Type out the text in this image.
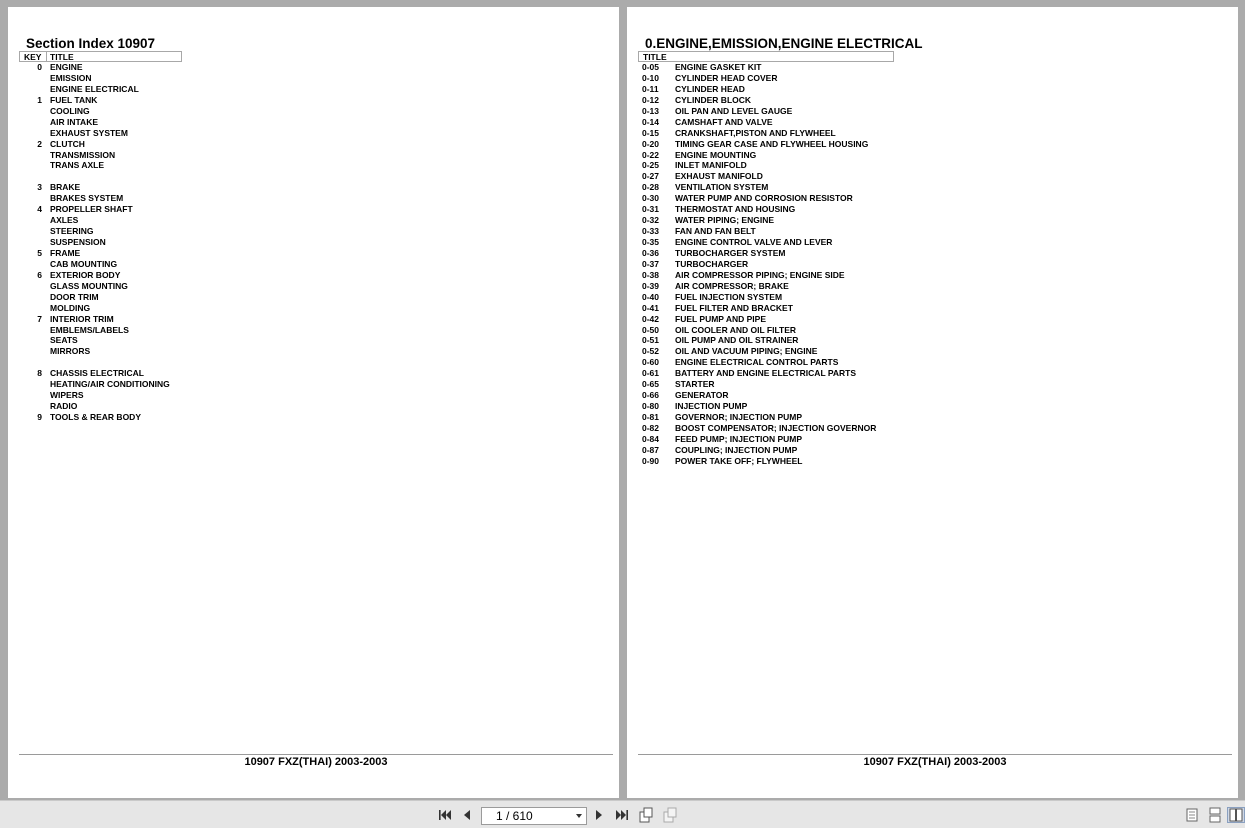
Section Index 10907
KEY TITLE
0 ENGINE
EMISSION
ENGINE ELECTRICAL
1 FUEL TANK
COOLING
AIR INTAKE
EXHAUST SYSTEM
2 CLUTCH
TRANSMISSION
TRANS AXLE
3 BRAKE
BRAKES SYSTEM
4 PROPELLER SHAFT
AXLES
STEERING
SUSPENSION
5 FRAME
CAB MOUNTING
6 EXTERIOR BODY
GLASS MOUNTING
DOOR TRIM
MOLDING
7 INTERIOR TRIM
EMBLEMS/LABELS
SEATS
MIRRORS
8 CHASSIS ELECTRICAL
HEATING/AIR CONDITIONING
WIPERS
RADIO
9 TOOLS & REAR BODY
10907 FXZ(THAI) 2003-2003
0.ENGINE,EMISSION,ENGINE ELECTRICAL
TITLE
0-05 ENGINE GASKET KIT
0-10 CYLINDER HEAD COVER
0-11 CYLINDER HEAD
0-12 CYLINDER BLOCK
0-13 OIL PAN AND LEVEL GAUGE
0-14 CAMSHAFT AND VALVE
0-15 CRANKSHAFT,PISTON AND FLYWHEEL
0-20 TIMING GEAR CASE AND FLYWHEEL HOUSING
0-22 ENGINE MOUNTING
0-25 INLET MANIFOLD
0-27 EXHAUST MANIFOLD
0-28 VENTILATION SYSTEM
0-30 WATER PUMP AND CORROSION RESISTOR
0-31 THERMOSTAT AND HOUSING
0-32 WATER PIPING; ENGINE
0-33 FAN AND FAN BELT
0-35 ENGINE CONTROL VALVE AND LEVER
0-36 TURBOCHARGER SYSTEM
0-37 TURBOCHARGER
0-38 AIR COMPRESSOR PIPING; ENGINE SIDE
0-39 AIR COMPRESSOR; BRAKE
0-40 FUEL INJECTION SYSTEM
0-41 FUEL FILTER AND BRACKET
0-42 FUEL PUMP AND PIPE
0-50 OIL COOLER AND OIL FILTER
0-51 OIL PUMP AND OIL STRAINER
0-52 OIL AND VACUUM PIPING; ENGINE
0-60 ENGINE ELECTRICAL CONTROL PARTS
0-61 BATTERY AND ENGINE ELECTRICAL PARTS
0-65 STARTER
0-66 GENERATOR
0-80 INJECTION PUMP
0-81 GOVERNOR; INJECTION PUMP
0-82 BOOST COMPENSATOR; INJECTION GOVERNOR
0-84 FEED PUMP; INJECTION PUMP
0-87 COUPLING; INJECTION PUMP
0-90 POWER TAKE OFF; FLYWHEEL
10907 FXZ(THAI) 2003-2003
1 / 610
